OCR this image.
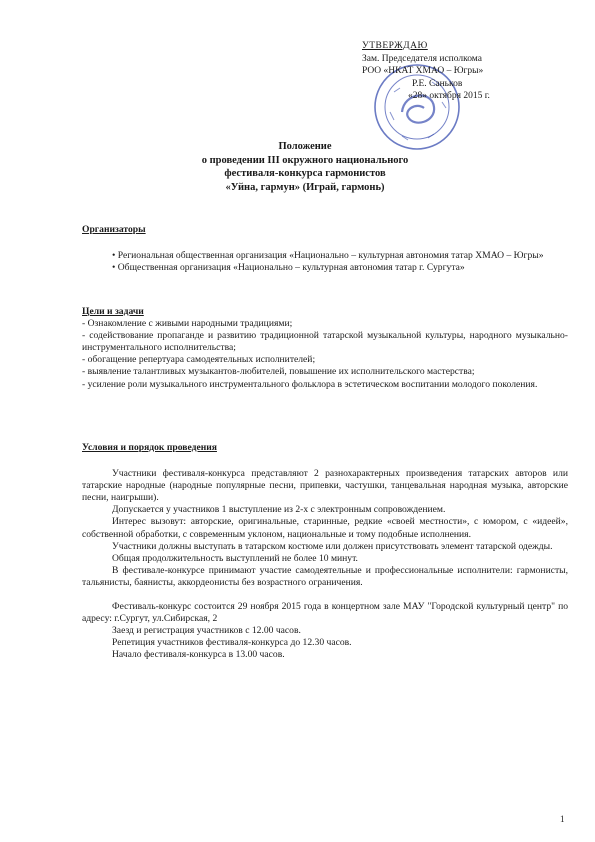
УТВЕРЖДАЮ
Зам. Председателя исполкома
РОО «НКАТ ХМАО – Югры»
Р.Е. Саньков
«28» октября 2015 г.
Положение
о проведении III окружного национального
фестиваля-конкурса гармонистов
«Уйна, гармун» (Играй, гармонь)
Организаторы

• Региональная общественная организация «Национально – культурная автономия татар ХМАО – Югры»

• Общественная организация «Национально – культурная автономия татар г. Сургута»

Цели и задачи

- Ознакомление с живыми народными традициями;

- содействование пропаганде и развитию традиционной татарской музыкальной культуры, народного музыкально-инструментального исполнительства;

- обогащение репертуара самодеятельных исполнителей;

- выявление талантливых музыкантов-любителей, повышение их исполнительского мастерства;

- усиление роли музыкального инструментального фольклора в эстетическом воспитании молодого поколения.

Условия и порядок проведения

Участники фестиваля-конкурса представляют 2 разнохарактерных произведения татарских авторов или татарские народные (народные популярные песни, припевки, частушки, танцевальная народная музыка, авторские песни, наигрыши).

Допускается у участников 1 выступление из 2-х с электронным сопровождением.

Интерес вызовут: авторские, оригинальные, старинные, редкие «своей местности», с юмором, с «идеей», собственной обработки, с современным уклоном, национальные и тому подобные исполнения.

Участники должны выступать в татарском костюме или должен присутствовать элемент татарской одежды.

Общая продолжительность выступлений не более 10 минут.

В фестивале-конкурсе принимают участие самодеятельные и профессиональные исполнители: гармонисты, тальянисты, баянисты, аккордеонисты без возрастного ограничения.

Фестиваль-конкурс состоится 29 ноября 2015 года в концертном зале МАУ "Городской культурный центр" по адресу: г.Сургут, ул.Сибирская, 2

Заезд и регистрация участников с 12.00 часов.

Репетиция участников фестиваля-конкурса до 12.30 часов.

Начало фестиваля-конкурса в 13.00 часов.

1
